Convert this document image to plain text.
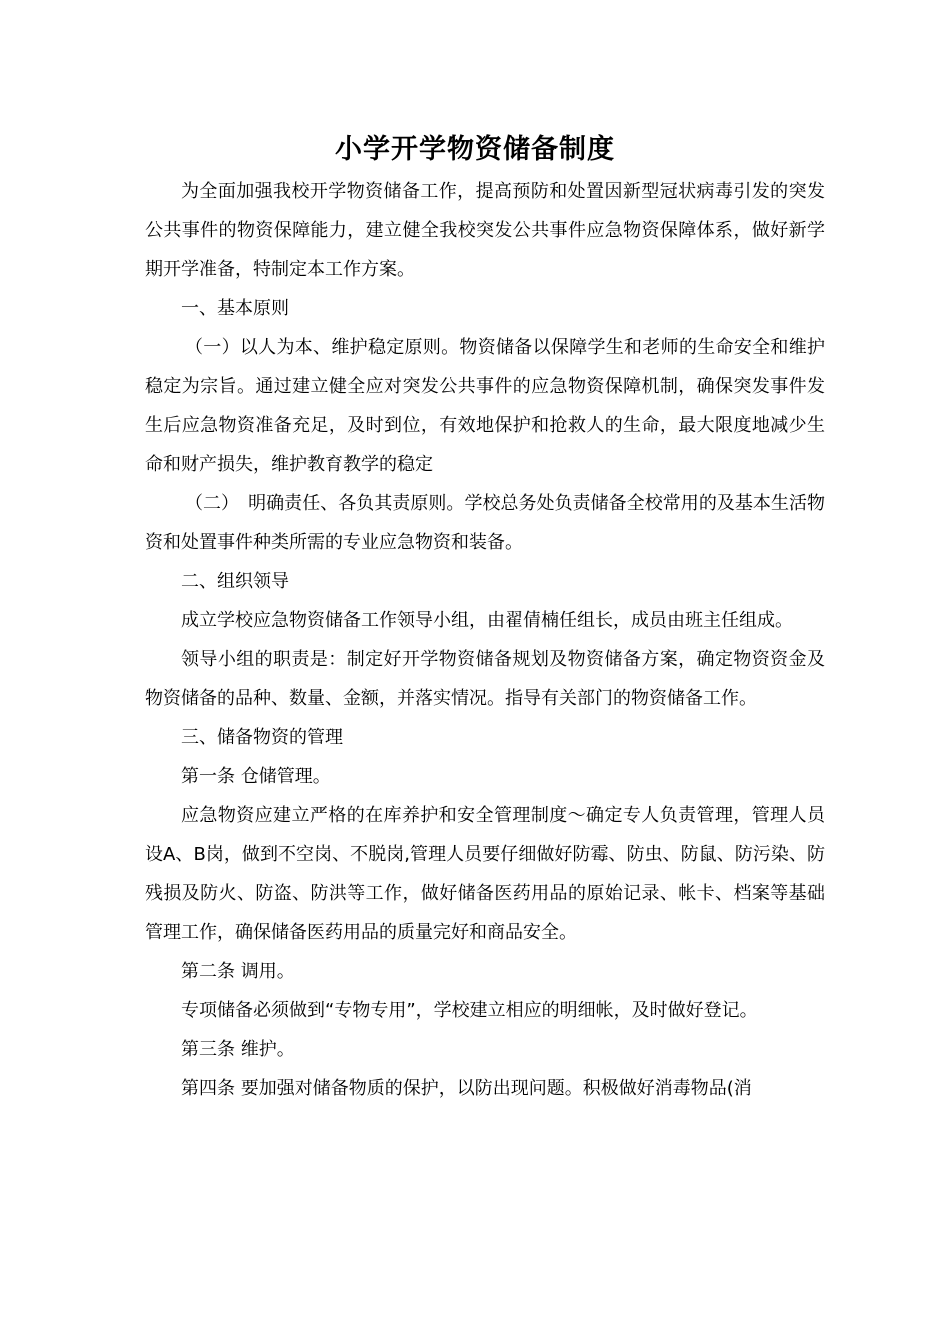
小学开学物资储备制度

为全面加强我校开学物资储备工作，提高预防和处置因新型冠状病毒引发的突发公共事件的物资保障能力，建立健全我校突发公共事件应急物资保障体系，做好新学期开学准备，特制定本工作方案。

一、基本原则

（一）以人为本、维护稳定原则。物资储备以保障学生和老师的生命安全和维护稳定为宗旨。通过建立健全应对突发公共事件的应急物资保障机制，确保突发事件发生后应急物资准备充足，及时到位，有效地保护和抢救人的生命，最大限度地减少生命和财产损失，维护教育教学的稳定

（二）　明确责任、各负其责原则。学校总务处负责储备全校常用的及基本生活物资和处置事件种类所需的专业应急物资和装备。

二、组织领导

成立学校应急物资储备工作领导小组，由翟倩楠任组长，成员由班主任组成。

领导小组的职责是：制定好开学物资储备规划及物资储备方案，确定物资资金及物资储备的品种、数量、金额，并落实情况。指导有关部门的物资储备工作。

三、储备物资的管理

第一条 仓储管理。

应急物资应建立严格的在库养护和安全管理制度～确定专人负责管理，管理人员设A、B岗，做到不空岗、不脱岗,管理人员要仔细做好防霉、防虫、防鼠、防污染、防残损及防火、防盗、防洪等工作，做好储备医药用品的原始记录、帐卡、档案等基础管理工作，确保储备医药用品的质量完好和商品安全。

第二条 调用。

专项储备必须做到“专物专用”，学校建立相应的明细帐，及时做好登记。

第三条 维护。

第四条 要加强对储备物质的保护，以防出现问题。积极做好消毒物品(消
